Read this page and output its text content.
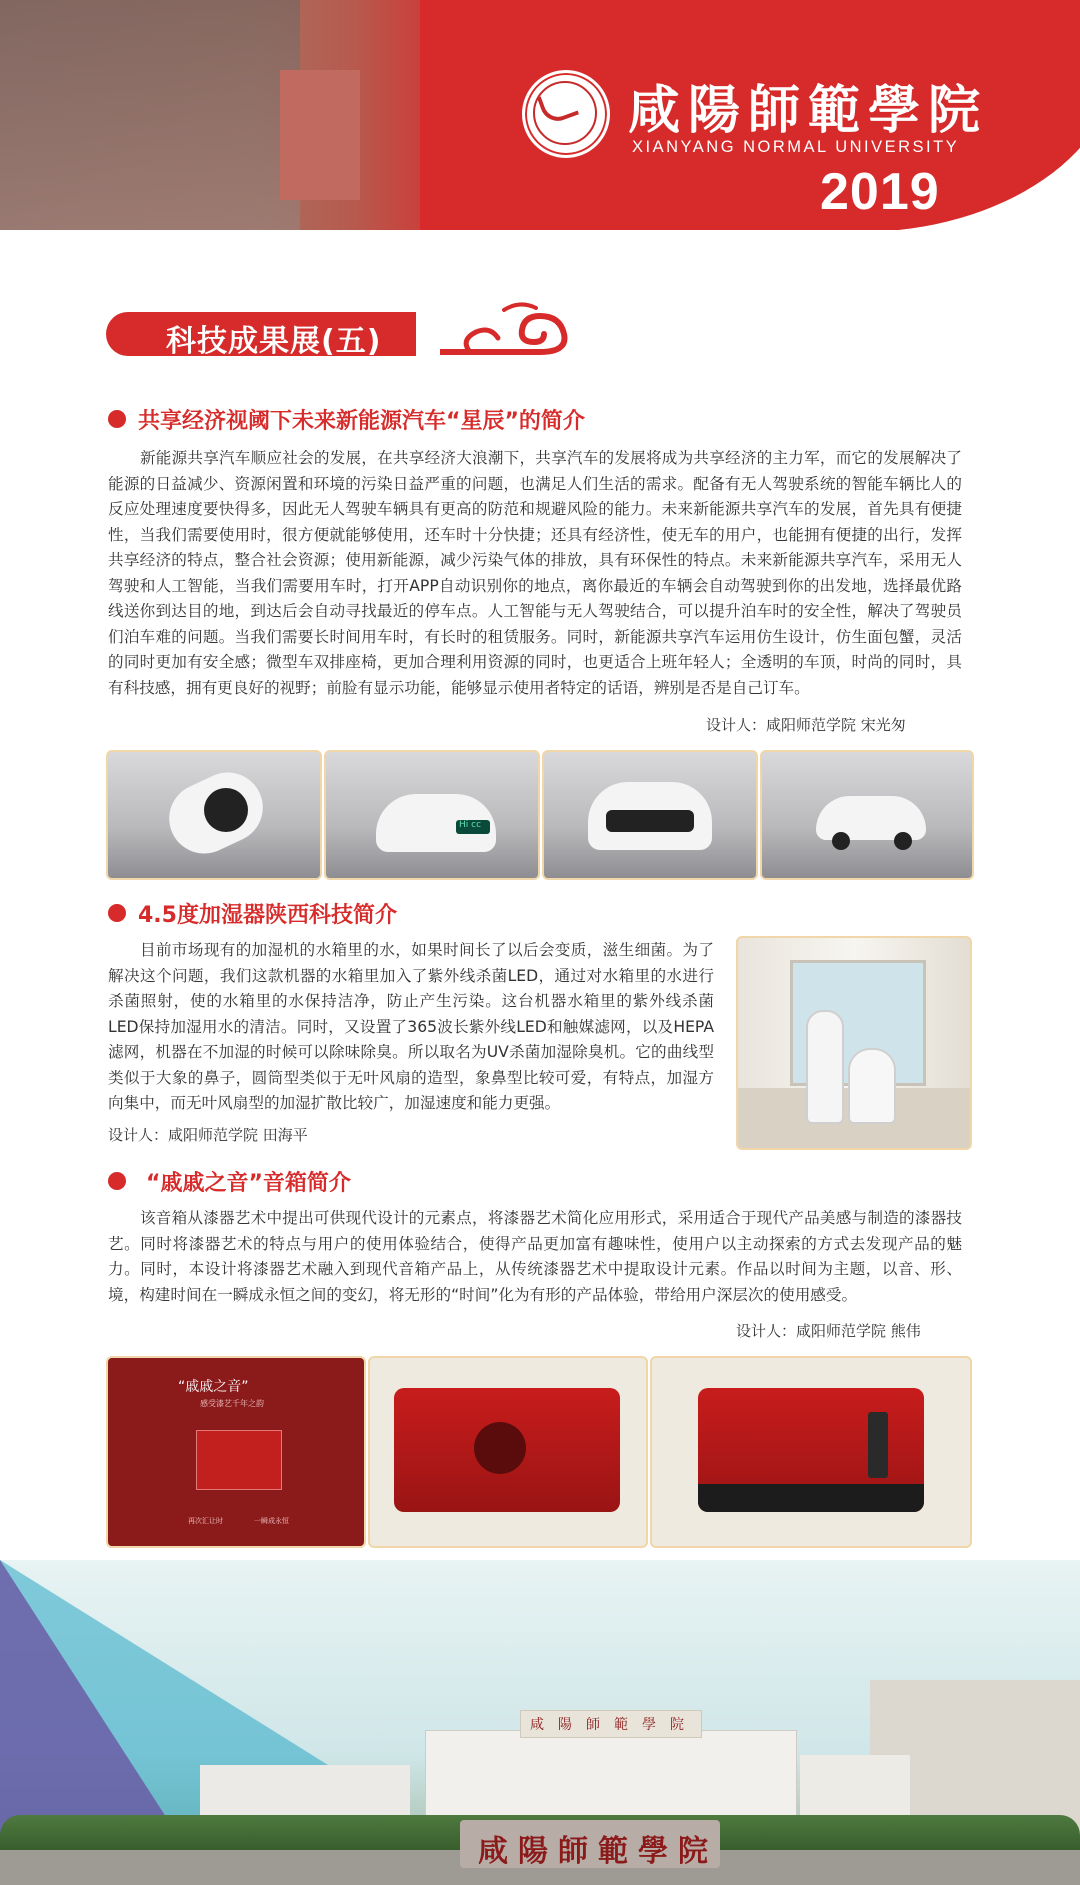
咸陽師範學院
XIANYANG NORMAL UNIVERSITY
2019
科技成果展(五)
共享经济视阈下未来新能源汽车“星辰”的简介
新能源共享汽车顺应社会的发展，在共享经济大浪潮下，共享汽车的发展将成为共享经济的主力军，而它的发展解决了能源的日益减少、资源闲置和环境的污染日益严重的问题，也满足人们生活的需求。配备有无人驾驶系统的智能车辆比人的反应处理速度要快得多，因此无人驾驶车辆具有更高的防范和规避风险的能力。未来新能源共享汽车的发展，首先具有便捷性，当我们需要使用时，很方便就能够使用，还车时十分快捷；还具有经济性，使无车的用户，也能拥有便捷的出行，发挥共享经济的特点，整合社会资源；使用新能源，减少污染气体的排放，具有环保性的特点。未来新能源共享汽车，采用无人驾驶和人工智能，当我们需要用车时，打开APP自动识别你的地点，离你最近的车辆会自动驾驶到你的出发地，选择最优路线送你到达目的地，到达后会自动寻找最近的停车点。人工智能与无人驾驶结合，可以提升泊车时的安全性，解决了驾驶员们泊车难的问题。当我们需要长时间用车时，有长时的租赁服务。同时，新能源共享汽车运用仿生设计，仿生面包蟹，灵活的同时更加有安全感；微型车双排座椅，更加合理利用资源的同时，也更适合上班年轻人；全透明的车顶，时尚的同时，具有科技感，拥有更良好的视野；前脸有显示功能，能够显示使用者特定的话语，辨别是否是自己订车。
设计人：咸阳师范学院 宋光匆
Hi cc
4.5度加湿器陕西科技简介
目前市场现有的加湿机的水箱里的水，如果时间长了以后会变质，滋生细菌。为了解决这个问题，我们这款机器的水箱里加入了紫外线杀菌LED，通过对水箱里的水进行杀菌照射，使的水箱里的水保持洁净，防止产生污染。这台机器水箱里的紫外线杀菌LED保持加湿用水的清洁。同时，又设置了365波长紫外线LED和触媒滤网，以及HEPA滤网，机器在不加湿的时候可以除味除臭。所以取名为UV杀菌加湿除臭机。它的曲线型类似于大象的鼻子，圆筒型类似于无叶风扇的造型，象鼻型比较可爱，有特点，加湿方向集中，而无叶风扇型的加湿扩散比较广，加湿速度和能力更强。
设计人：咸阳师范学院 田海平
“戚戚之音”音箱简介
该音箱从漆器艺术中提出可供现代设计的元素点，将漆器艺术简化应用形式，采用适合于现代产品美感与制造的漆器技艺。同时将漆器艺术的特点与用户的使用体验结合，使得产品更加富有趣味性，使用户以主动探索的方式去发现产品的魅力。同时，本设计将漆器艺术融入到现代音箱产品上，从传统漆器艺术中提取设计元素。作品以时间为主题，以音、形、境，构建时间在一瞬成永恒之间的变幻，将无形的“时间”化为有形的产品体验，带给用户深层次的使用感受。
设计人：咸阳师范学院 熊伟
“戚戚之音”
感受漆艺千年之韵
再次汇让时	一瞬成永恒
咸陽師範學院
咸陽師範學院
